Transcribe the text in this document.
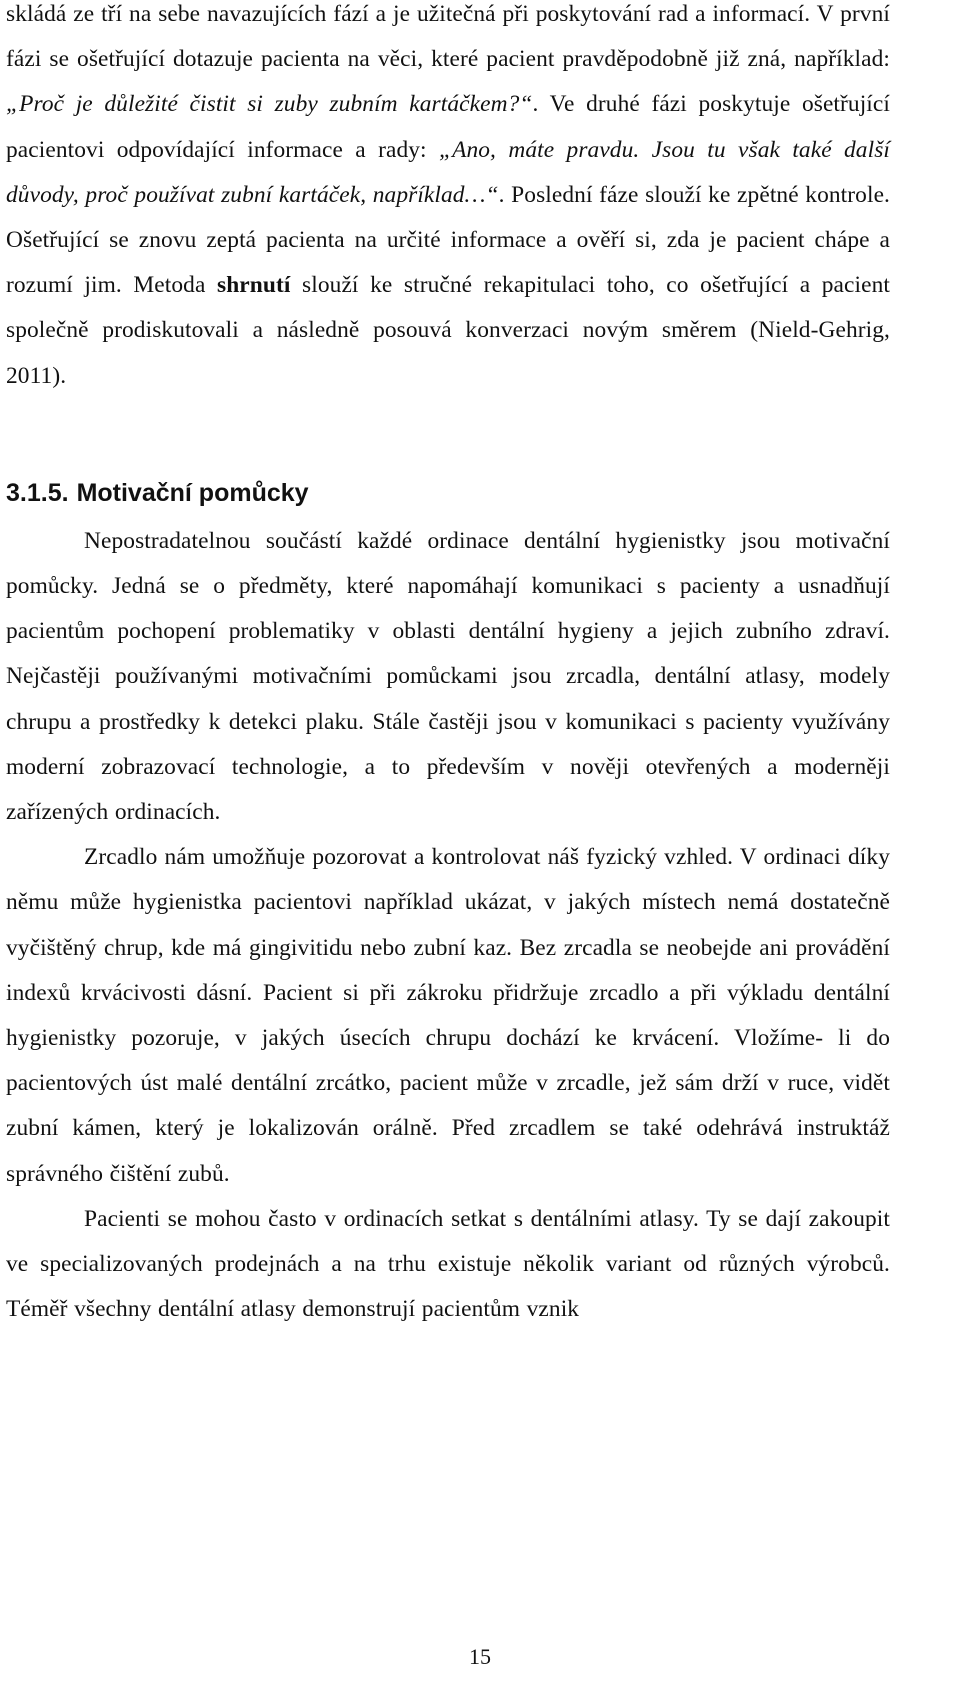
skládá ze tří na sebe navazujících fází a je užitečná při poskytování rad a informací. V první fázi se ošetřující dotazuje pacienta na věci, které pacient pravděpodobně již zná, například: „Proč je důležité čistit si zuby zubním kartáčkem?“. Ve druhé fázi poskytuje ošetřující pacientovi odpovídající informace a rady: „Ano, máte pravdu. Jsou tu však také další důvody, proč používat zubní kartáček, například…“. Poslední fáze slouží ke zpětné kontrole. Ošetřující se znovu zeptá pacienta na určité informace a ověří si, zda je pacient chápe a rozumí jim. Metoda shrnutí slouží ke stručné rekapitulaci toho, co ošetřující a pacient společně prodiskutovali a následně posouvá konverzaci novým směrem (Nield-Gehrig, 2011).

3.1.5. Motivační pomůcky

Nepostradatelnou součástí každé ordinace dentální hygienistky jsou motivační pomůcky. Jedná se o předměty, které napomáhají komunikaci s pacienty a usnadňují pacientům pochopení problematiky v oblasti dentální hygieny a jejich zubního zdraví. Nejčastěji používanými motivačními pomůckami jsou zrcadla, dentální atlasy, modely chrupu a prostředky k detekci plaku. Stále častěji jsou v komunikaci s pacienty využívány moderní zobrazovací technologie, a to především v nověji otevřených a moderněji zařízených ordinacích.

Zrcadlo nám umožňuje pozorovat a kontrolovat náš fyzický vzhled. V ordinaci díky němu může hygienistka pacientovi například ukázat, v jakých místech nemá dostatečně vyčištěný chrup, kde má gingivitidu nebo zubní kaz. Bez zrcadla se neobejde ani provádění indexů krvácivosti dásní. Pacient si při zákroku přidržuje zrcadlo a při výkladu dentální hygienistky pozoruje, v jakých úsecích chrupu dochází ke krvácení. Vložíme- li do pacientových úst malé dentální zrcátko, pacient může v zrcadle, jež sám drží v ruce, vidět zubní kámen, který je lokalizován orálně. Před zrcadlem se také odehrává instruktáž správného čištění zubů.

Pacienti se mohou často v ordinacích setkat s dentálními atlasy. Ty se dají zakoupit ve specializovaných prodejnách a na trhu existuje několik variant od různých výrobců. Téměř všechny dentální atlasy demonstrují pacientům vznik

15
